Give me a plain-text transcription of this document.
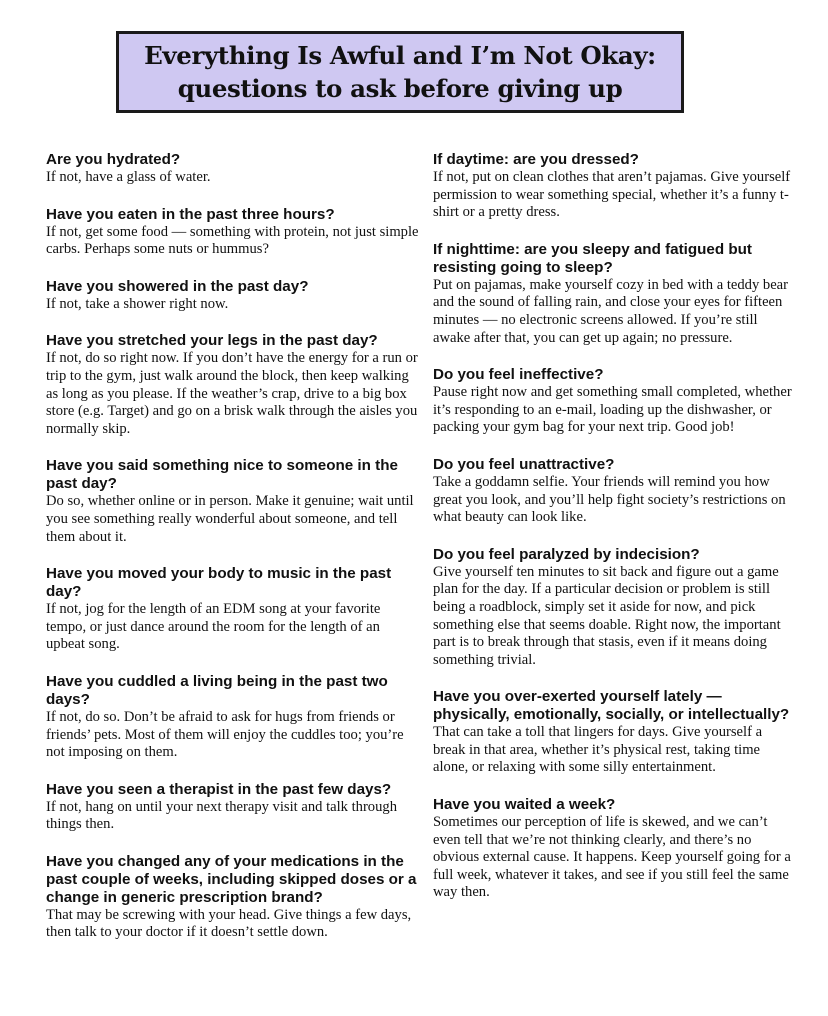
Everything Is Awful and I’m Not Okay:
questions to ask before giving up
Are you hydrated?
If not, have a glass of water.
Have you eaten in the past three hours?
If not, get some food — something with protein, not just simple carbs. Perhaps some nuts or hummus?
Have you showered in the past day?
If not, take a shower right now.
Have you stretched your legs in the past day?
If not, do so right now. If you don’t have the energy for a run or trip to the gym, just walk around the block, then keep walking as long as you please. If the weather’s crap, drive to a big box store (e.g. Target) and go on a brisk walk through the aisles you normally skip.
Have you said something nice to someone in the past day?
Do so, whether online or in person. Make it genuine; wait until you see something really wonderful about someone, and tell them about it.
Have you moved your body to music in the past day?
If not, jog for the length of an EDM song at your favorite tempo, or just dance around the room for the length of an upbeat song.
Have you cuddled a living being in the past two days?
If not, do so. Don’t be afraid to ask for hugs from friends or friends’ pets. Most of them will enjoy the cuddles too; you’re not imposing on them.
Have you seen a therapist in the past few days?
If not, hang on until your next therapy visit and talk through things then.
Have you changed any of your medications in the past couple of weeks, including skipped doses or a change in generic prescription brand?
That may be screwing with your head. Give things a few days, then talk to your doctor if it doesn’t settle down.
If daytime: are you dressed?
If not, put on clean clothes that aren’t pajamas. Give yourself permission to wear something special, whether it’s a funny t-shirt or a pretty dress.
If nighttime: are you sleepy and fatigued but resisting going to sleep?
Put on pajamas, make yourself cozy in bed with a teddy bear and the sound of falling rain, and close your eyes for fifteen minutes — no electronic screens allowed. If you’re still awake after that, you can get up again; no pressure.
Do you feel ineffective?
Pause right now and get something small completed, whether it’s responding to an e-mail, loading up the dishwasher, or packing your gym bag for your next trip. Good job!
Do you feel unattractive?
Take a goddamn selfie. Your friends will remind you how great you look, and you’ll help fight society’s restrictions on what beauty can look like.
Do you feel paralyzed by indecision?
Give yourself ten minutes to sit back and figure out a game plan for the day. If a particular decision or problem is still being a roadblock, simply set it aside for now, and pick something else that seems doable. Right now, the important part is to break through that stasis, even if it means doing something trivial.
Have you over-exerted yourself lately — physically, emotionally, socially, or intellectually?
That can take a toll that lingers for days. Give yourself a break in that area, whether it’s physical rest, taking time alone, or relaxing with some silly entertainment.
Have you waited a week?
Sometimes our perception of life is skewed, and we can’t even tell that we’re not thinking clearly, and there’s no obvious external cause. It happens. Keep yourself going for a full week, whatever it takes, and see if you still feel the same way then.
